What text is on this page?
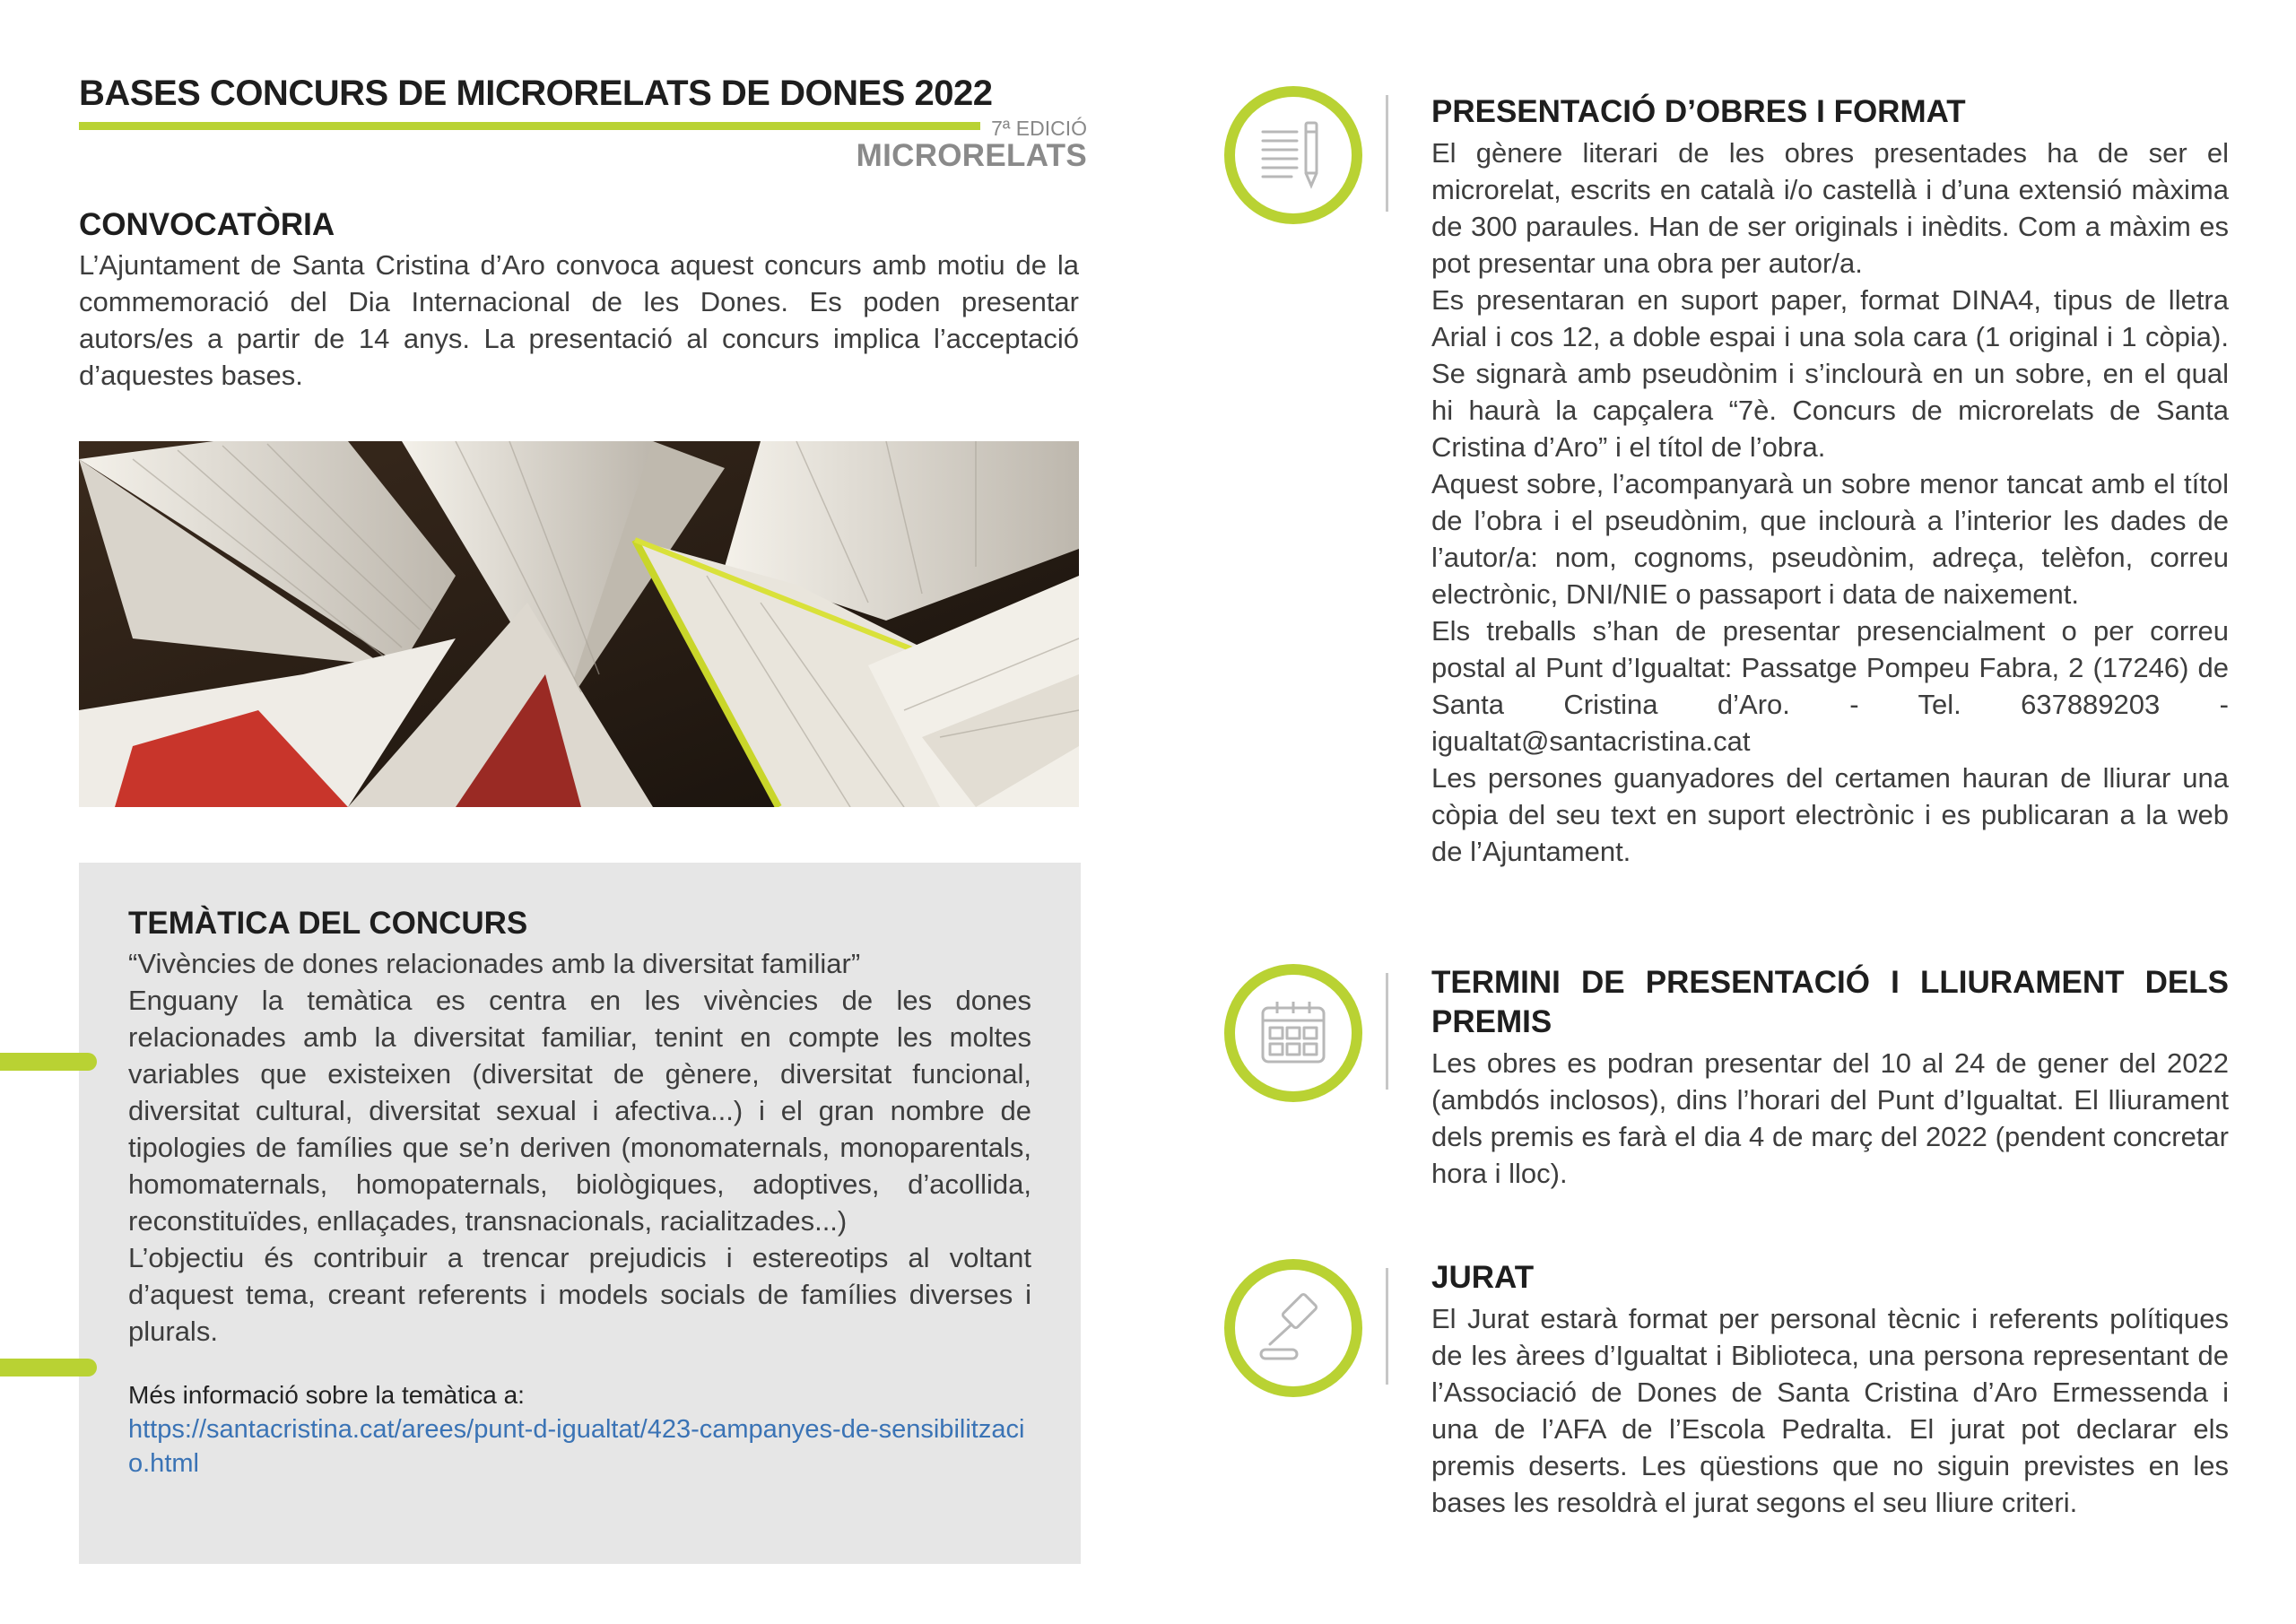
BASES CONCURS DE MICRORELATS DE DONES 2022
7ª EDICIÓ
MICRORELATS
CONVOCATÒRIA

L’Ajuntament de Santa Cristina d’Aro convoca aquest concurs amb motiu de la commemoració del Dia Internacional de les Dones. Es poden presentar autors/es a partir de 14 anys. La presentació al concurs implica l’acceptació d’aquestes bases.

TEMÀTICA DEL CONCURS

“Vivències de dones relacionades amb la diversitat familiar”

Enguany la temàtica es centra en les vivències de les dones relacionades amb la diversitat familiar, tenint en compte les moltes variables que existeixen (diversitat de gènere, diversitat funcional, diversitat cultural, diversitat sexual i afectiva...) i el gran nombre de tipologies de famílies que se’n deriven (monomaternals, monoparentals, homomaternals, homopaternals, biològiques, adoptives, d’acollida, reconstituïdes, enllaçades, transnacionals, racialitzades...)

L’objectiu és contribuir a trencar prejudicis i estereotips al voltant d’aquest tema, creant referents i models socials de famílies diverses i plurals.

Més informació sobre la temàtica a:
https://santacristina.cat/arees/punt-d-igualtat/423-campanyes-de-sensibilitzacio.html
PRESENTACIÓ D’OBRES I FORMAT

El gènere literari de les obres presentades ha de ser el microrelat, escrits en català i/o castellà i d’una extensió màxima de 300 paraules. Han de ser originals i inèdits. Com a màxim es pot presentar una obra per autor/a.

Es presentaran en suport paper, format DINA4, tipus de lletra Arial i cos 12, a doble espai i una sola cara (1 original i 1 còpia). Se signarà amb pseudònim i s’inclourà en un sobre, en el qual hi haurà la capçalera “7è. Concurs de microrelats de Santa Cristina d’Aro” i el títol de l’obra.

Aquest sobre, l’acompanyarà un sobre menor tancat amb el títol de l’obra i el pseudònim, que inclourà a l’interior les dades de l’autor/a: nom, cognoms, pseudònim, adreça, telèfon, correu electrònic, DNI/NIE o passaport i data de naixement.

Els treballs s’han de presentar presencialment o per correu postal al Punt d’Igualtat: Passatge Pompeu Fabra, 2 (17246) de Santa Cristina d’Aro. - Tel. 637889203 - igualtat@santacristina.cat

Les persones guanyadores del certamen hauran de lliurar una còpia del seu text en suport electrònic i es publicaran a la web de l’Ajuntament.

TERMINI DE PRESENTACIÓ I LLIURAMENT DELS PREMIS

Les obres es podran presentar del 10 al 24 de gener del 2022 (ambdós inclosos), dins l’horari del Punt d’Igualtat. El lliurament dels premis es farà el dia 4 de març del 2022 (pendent concretar hora i lloc).

JURAT

El Jurat estarà format per personal tècnic i referents polítiques de les àrees d’Igualtat i Biblioteca, una persona representant de l’Associació de Dones de Santa Cristina d’Aro Ermessenda i una de l’AFA de l’Escola Pedralta. El jurat pot declarar els premis deserts. Les qüestions que no siguin previstes en les bases les resoldrà el jurat segons el seu lliure criteri.
